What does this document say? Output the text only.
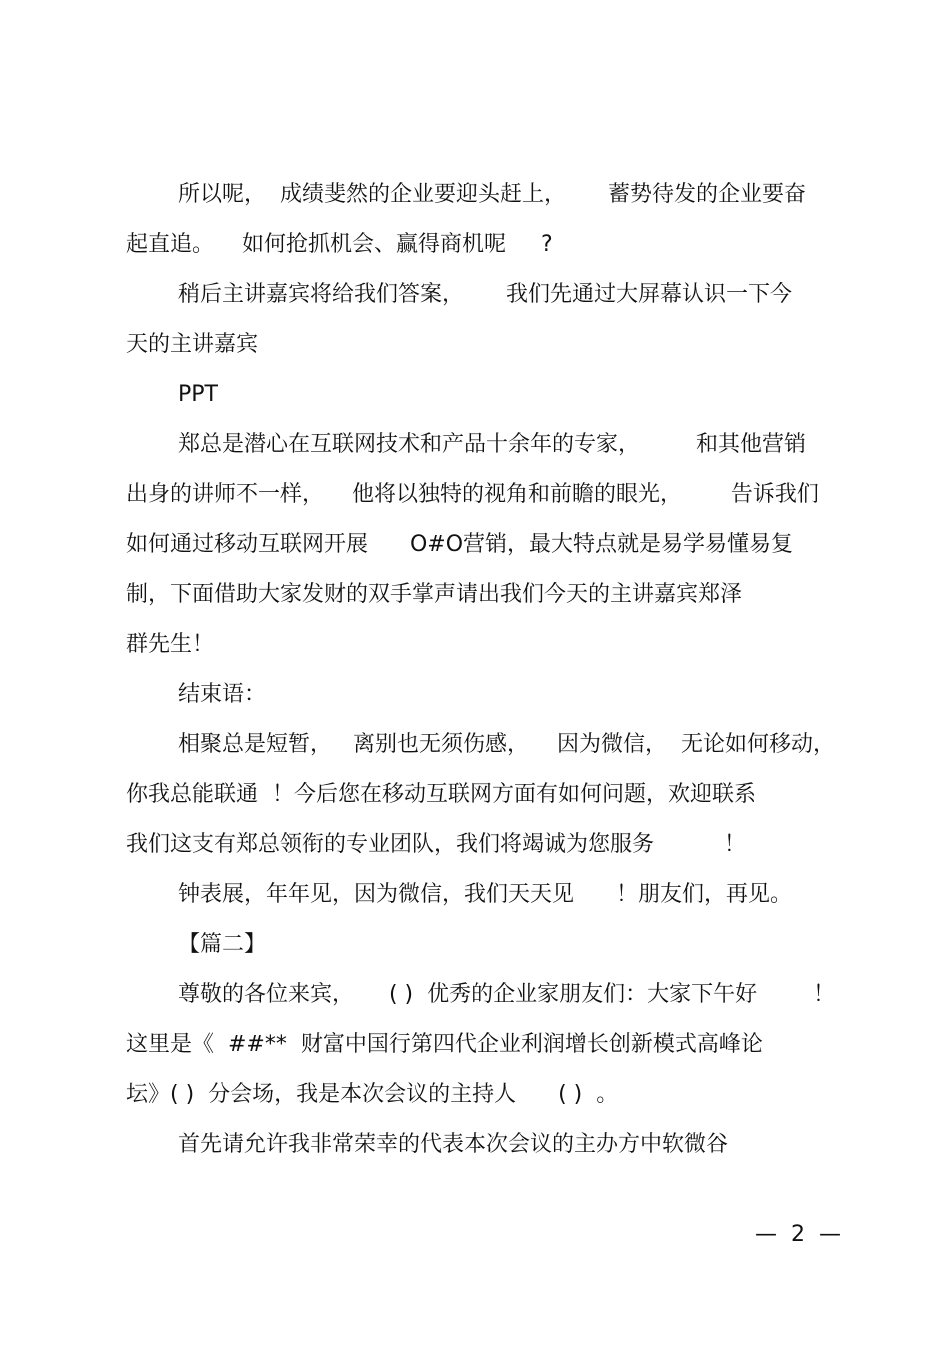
所以呢，  成绩斐然的企业要迎头赶上，      蓄势待发的企业要奋
起直追。    如何抢抓机会、赢得商机呢     ?
稍后主讲嘉宾将给我们答案，      我们先通过大屏幕认识一下今
天的主讲嘉宾
PPT
郑总是潜心在互联网技术和产品十余年的专家，        和其他营销
出身的讲师不一样，    他将以独特的视角和前瞻的眼光，       告诉我们
如何通过移动互联网开展      O#O营销，最大特点就是易学易懂易复
制，下面借助大家发财的双手掌声请出我们今天的主讲嘉宾郑泽
群先生！
结束语：
相聚总是短暂，   离别也无须伤感，    因为微信，  无论如何移动，
你我总能联通  ！今后您在移动互联网方面有如何问题，欢迎联系
我们这支有郑总领衔的专业团队，我们将竭诚为您服务          ！
钟表展，年年见，因为微信，我们天天见      ！朋友们，再见。
【篇二】
尊敬的各位来宾，     ( )  优秀的企业家朋友们：大家下午好        ！
这里是《  ##**  财富中国行第四代企业利润增长创新模式高峰论
坛》( )  分会场，我是本次会议的主持人      ( )  。
首先请允许我非常荣幸的代表本次会议的主办方中软微谷
—  2  —
